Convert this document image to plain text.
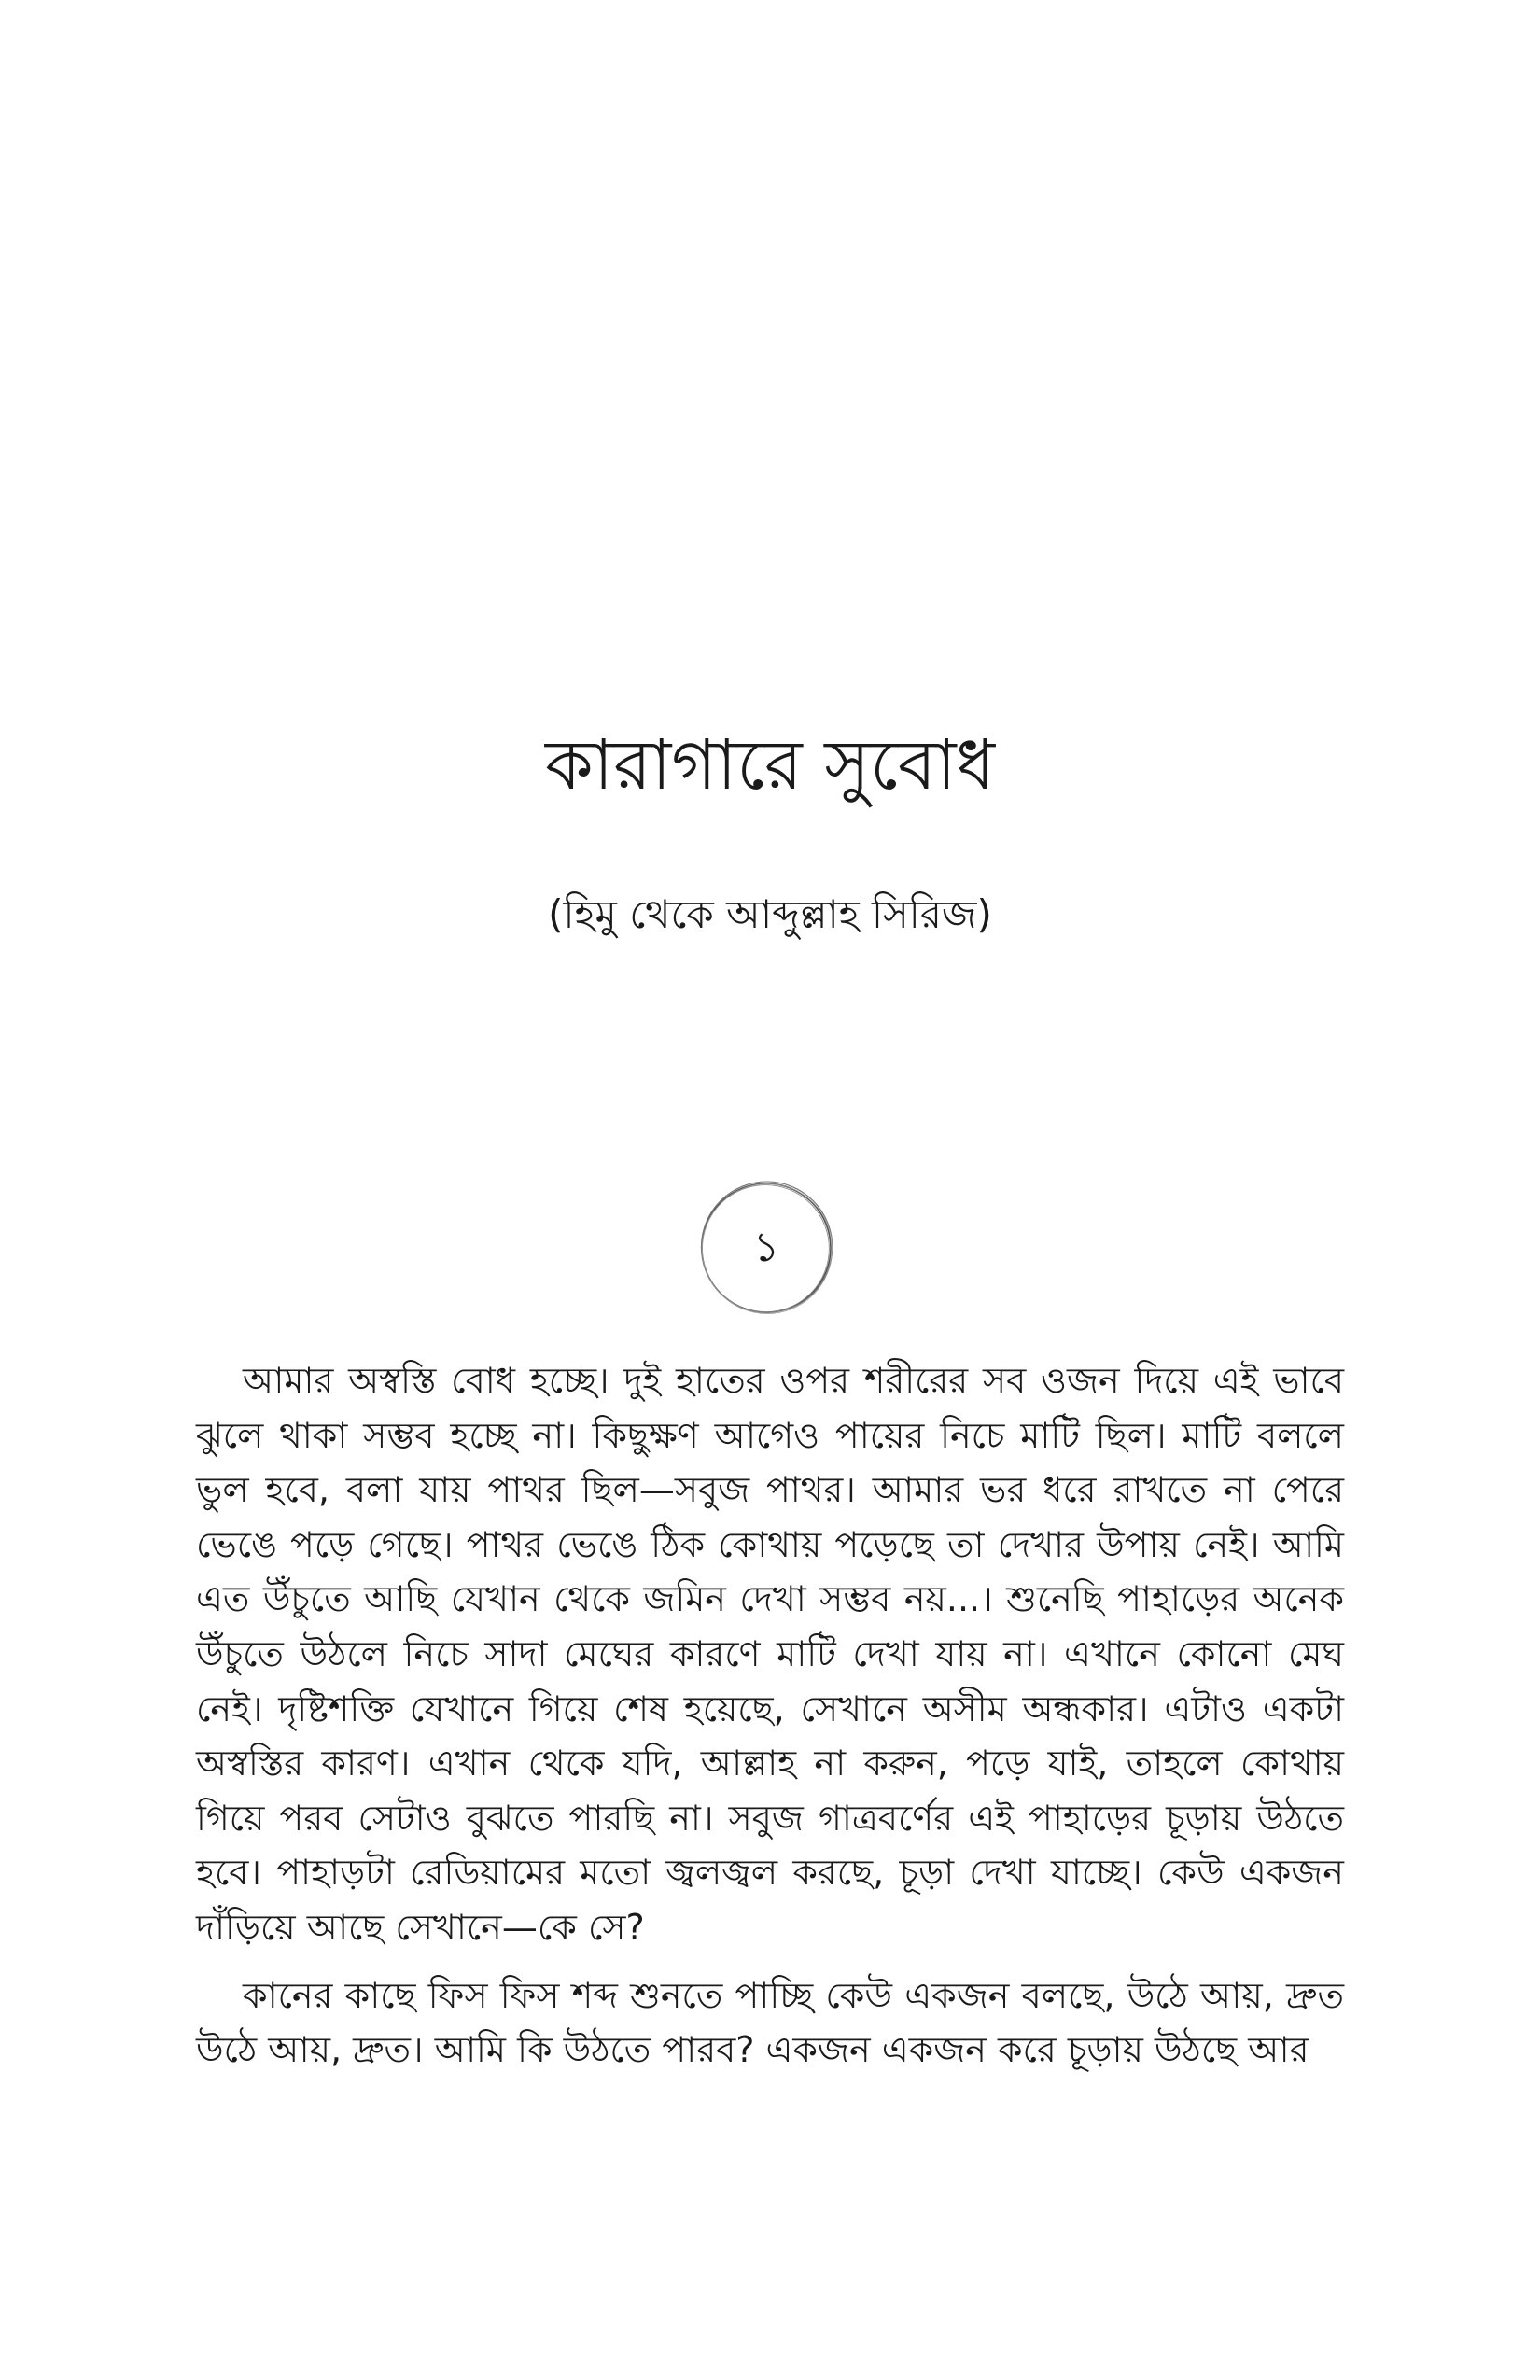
কারাগারে সুবোধ
(হিমু থেকে আব্দুল্লাহ সিরিজ)
১

আমার অস্বস্তি বোধ হচ্ছে। দুই হাতের ওপর শরীরের সব ওজন দিয়ে এই ভাবে ঝুলে থাকা সম্ভব হচ্ছে না। কিছুক্ষণ আগেও পায়ের নিচে মাটি ছিল। মাটি বললে ভুল হবে, বলা যায় পাথর ছিল—সবুজ পাথর। আমার ভর ধরে রাখতে না পেরে ভেঙে পড়ে গেছে। পাথর ভেঙে ঠিক কোথায় পড়েছে তা দেখার উপায় নেই। আমি এত উঁচুতে আছি যেখান থেকে জমিন দেখা সম্ভব নয়...। শুনেছি পাহাড়ের অনেক উঁচুতে উঠলে নিচে সাদা মেঘের কারণে মাটি দেখা যায় না। এখানে কোনো মেঘ নেই। দৃষ্টিশক্তি যেখানে গিয়ে শেষ হয়েছে, সেখানে অসীম অন্ধকার। এটাও একটা অস্বস্তির কারণ। এখান থেকে যদি, আল্লাহ না করুন, পড়ে যাই, তাহলে কোথায় গিয়ে পরব সেটাও বুঝতে পারছি না। সবুজ গাত্রবর্ণের এই পাহাড়ের চূড়ায় উঠতে হবে। পাহাড়টা রেডিয়ামের মতো জ্বলজ্বল করছে, চূড়া দেখা যাচ্ছে। কেউ একজন দাঁড়িয়ে আছে সেখানে—কে সে?

কানের কাছে ফিস ফিস শব্দ শুনতে পাচ্ছি কেউ একজন বলছে, উঠে আয়, দ্রুত উঠে আয়, দ্রুত। আমি কি উঠতে পারব? একজন একজন করে চূড়ায় উঠছে আর
